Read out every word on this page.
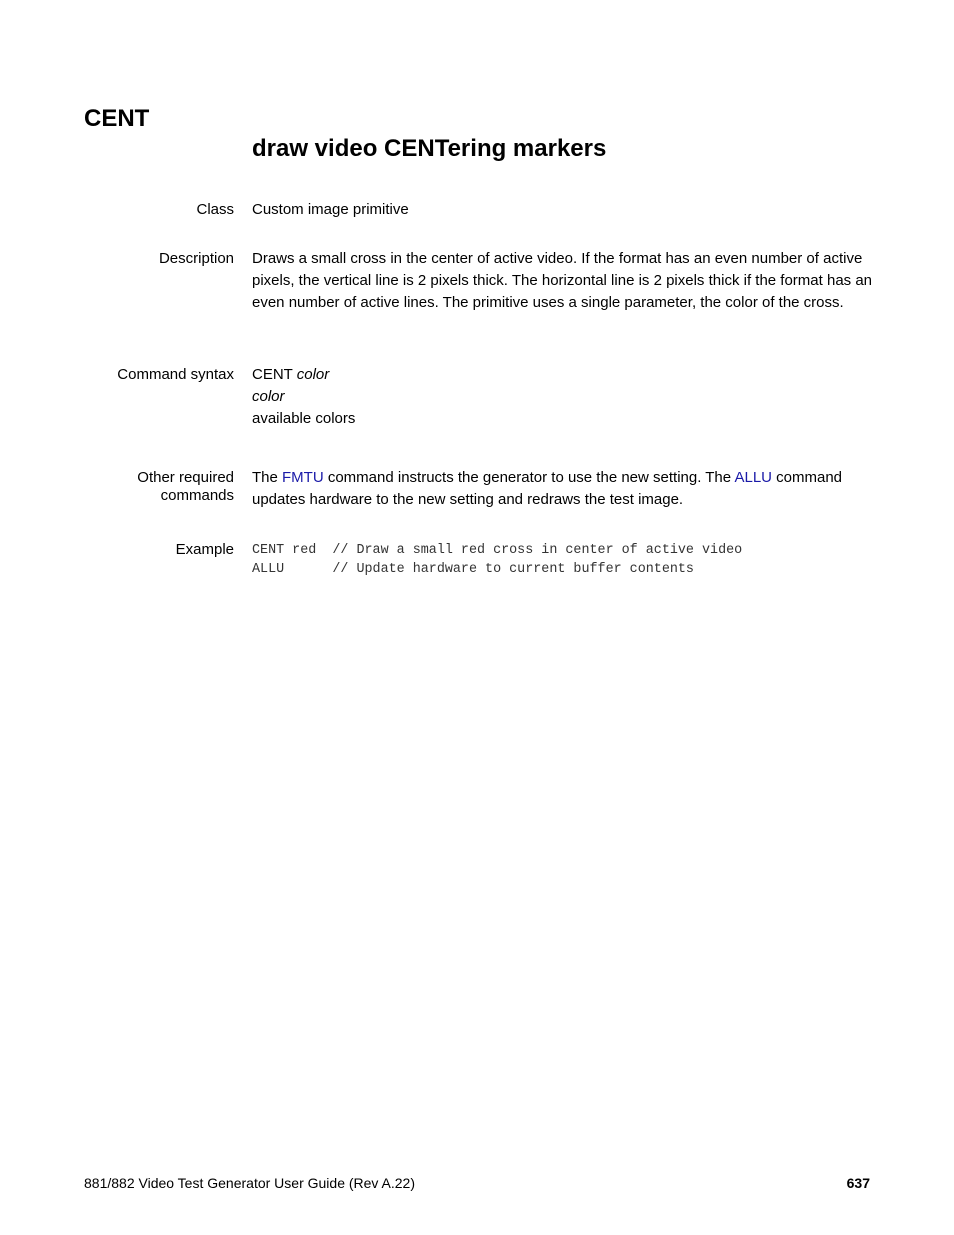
CENT
draw video CENTering markers
Class Custom image primitive
Description Draws a small cross in the center of active video. If the format has an even number of active pixels, the vertical line is 2 pixels thick. The horizontal line is 2 pixels thick if the format has an even number of active lines. The primitive uses a single parameter, the color of the cross.

Command syntax CENT color

color

available colors

Other required
commands

The FMTU command instructs the generator to use the new setting. The ALLU command updates hardware to the new setting and redraws the test image.

Example CENT red  // Draw a small red cross in center of active video
ALLU      // Update hardware to current buffer contents
881/882 Video Test Generator User Guide (Rev A.22)	637
